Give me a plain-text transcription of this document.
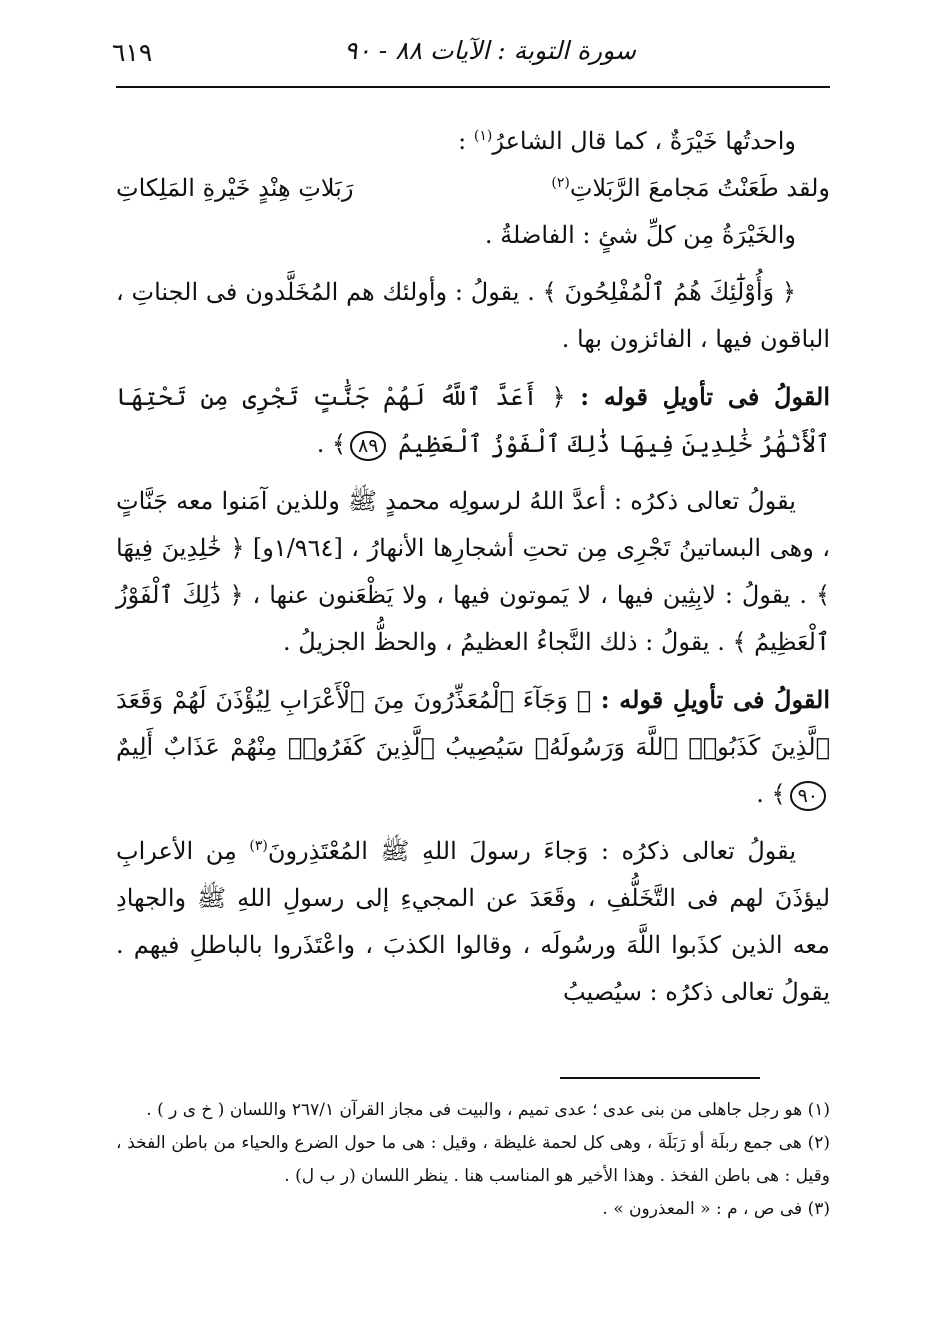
سورة التوبة : الآيات ٨٨ - ٩٠
٦١٩

واحدتُها خَيْرَةٌ ، كما قال الشاعرُ$^{(١)}$ :

ولقد طَعَنْتُ مَجامعَ الرَّبَلاتِ$^{(٢)}$
رَبَلاتِ هِنْدٍ خَيْرةِ المَلِكاتِ

والخَيْرَةُ مِن كلِّ شئٍ : الفاضلةُ .

﴿ وَأُوْلَٰٓئِكَ هُمُ ٱلْمُفْلِحُونَ ﴾ . يقولُ : وأولئك هم المُخَلَّدون فى الجناتِ ، الباقون فيها ، الفائزون بها .

القولُ فى تأويلِ قوله : ﴿ أَعَدَّ ٱللَّهُ لَهُمْ جَنَّٰتٍ تَجْرِى مِن تَحْتِهَا ٱلْأَنْهَٰرُ خَٰلِدِينَ فِيهَا ذَٰلِكَ ٱلْفَوْزُ ٱلْعَظِيمُ ٨٩﴾ .

يقولُ تعالى ذكرُه : أعدَّ اللهُ لرسولِه محمدٍ ﷺ وللذين آمَنوا معه جَنَّاتٍ ، وهى البساتينُ تَجْرِى مِن تحتِ أشجارِها الأنهارُ ، [١/٩٦٤و] ﴿ خَٰلِدِينَ فِيهَا ﴾ . يقولُ : لابِثِين فيها ، لا يَموتون فيها ، ولا يَظْعَنون عنها ، ﴿ ذَٰلِكَ ٱلْفَوْزُ ٱلْعَظِيمُ ﴾ . يقولُ : ذلك النَّجاءُ العظيمُ ، والحظُّ الجزيلُ .

القولُ فى تأويلِ قوله : ﴿ وَجَآءَ ٱلْمُعَذِّرُونَ مِنَ ٱلْأَعْرَابِ لِيُؤْذَنَ لَهُمْ وَقَعَدَ ٱلَّذِينَ كَذَبُوا۟ ٱللَّهَ وَرَسُولَهُۥ سَيُصِيبُ ٱلَّذِينَ كَفَرُوا۟ مِنْهُمْ عَذَابٌ أَلِيمٌ ٩٠﴾ .

يقولُ تعالى ذكرُه : وَجاءَ رسولَ اللهِ ﷺ المُعْتَذِرونَ$^{(٣)}$ مِن الأعرابِ ليؤذَنَ لهم فى التَّخَلُّفِ ، وقَعَدَ عن المجيءِ إلى رسولِ اللهِ ﷺ والجهادِ معه الذين كذَبوا اللَّهَ ورسُولَه ، وقالوا الكذبَ ، واعْتَذَروا بالباطلِ فيهم . يقولُ تعالى ذكرُه : سيُصيبُ

(١) هو رجل جاهلى من بنى عدى ؛ عدى تميم ، والبيت فى مجاز القرآن ٢٦٧/١ واللسان ( خ ى ر ) .

(٢) هى جمع ربلَة أو رَبَلَة ، وهى كل لحمة غليظة ، وقيل : هى ما حول الضرع والحياء من باطن الفخذ ، وقيل : هى باطن الفخذ . وهذا الأخير هو المناسب هنا . ينظر اللسان (ر ب ل) .

(٣) فى ص ، م : « المعذرون » .
